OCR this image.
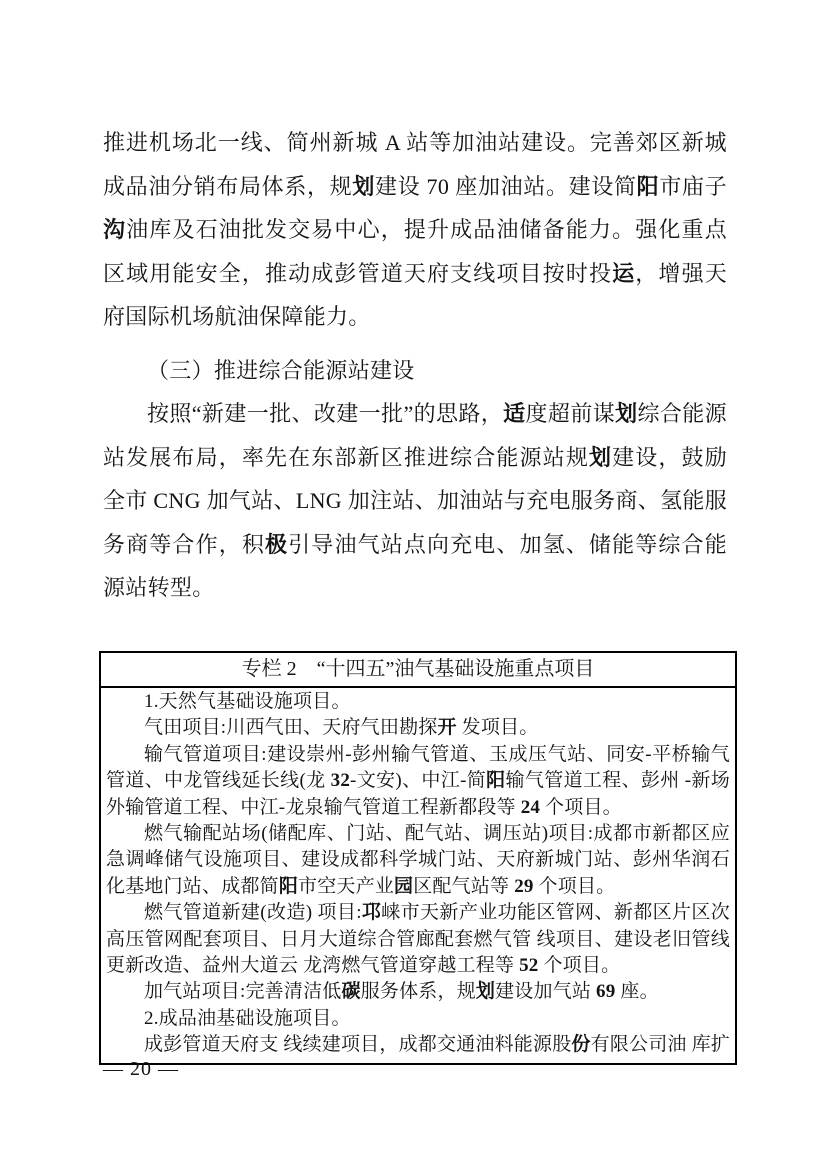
推进机场北一线、简州新城 A 站等加油站建设。完善郊区新城成品油分销布局体系，规划建设 70 座加油站。建设简阳市庙子沟油库及石油批发交易中心，提升成品油储备能力。强化重点区域用能安全，推动成彭管道天府支线项目按时投运，增强天府国际机场航油保障能力。

（三）推进综合能源站建设

按照“新建一批、改建一批”的思路，适度超前谋划综合能源站发展布局，率先在东部新区推进综合能源站规划建设，鼓励全市 CNG 加气站、LNG 加注站、加油站与充电服务商、氢能服务商等合作，积极引导油气站点向充电、加氢、储能等综合能源站转型。

专栏 2　“十四五”油气基础设施重点项目

1.天然气基础设施项目。

气田项目:川西气田、天府气田勘探开 发项目。

输气管道项目:建设崇州-彭州输气管道、玉成压气站、同安-平桥输气管道、中龙管线延长线(龙 32-文安)、中江-简阳输气管道工程、彭州 -新场外输管道工程、中江-龙泉输气管道工程新都段等 24 个项目。

燃气输配站场(储配库、门站、配气站、调压站)项目:成都市新都区应急调峰储气设施项目、建设成都科学城门站、天府新城门站、彭州华润石化基地门站、成都简阳市空天产业园区配气站等 29 个项目。

燃气管道新建(改造) 项目:邛崃市天新产业功能区管网、新都区片区次高压管网配套项目、日月大道综合管廊配套燃气管 线项目、建设老旧管线更新改造、益州大道云 龙湾燃气管道穿越工程等 52 个项目。

加气站项目:完善清洁低碳服务体系，规划建设加气站 69 座。

2.成品油基础设施项目。

成彭管道天府支 线续建项目，成都交通油料能源股份有限公司油 库扩

— 20 —
